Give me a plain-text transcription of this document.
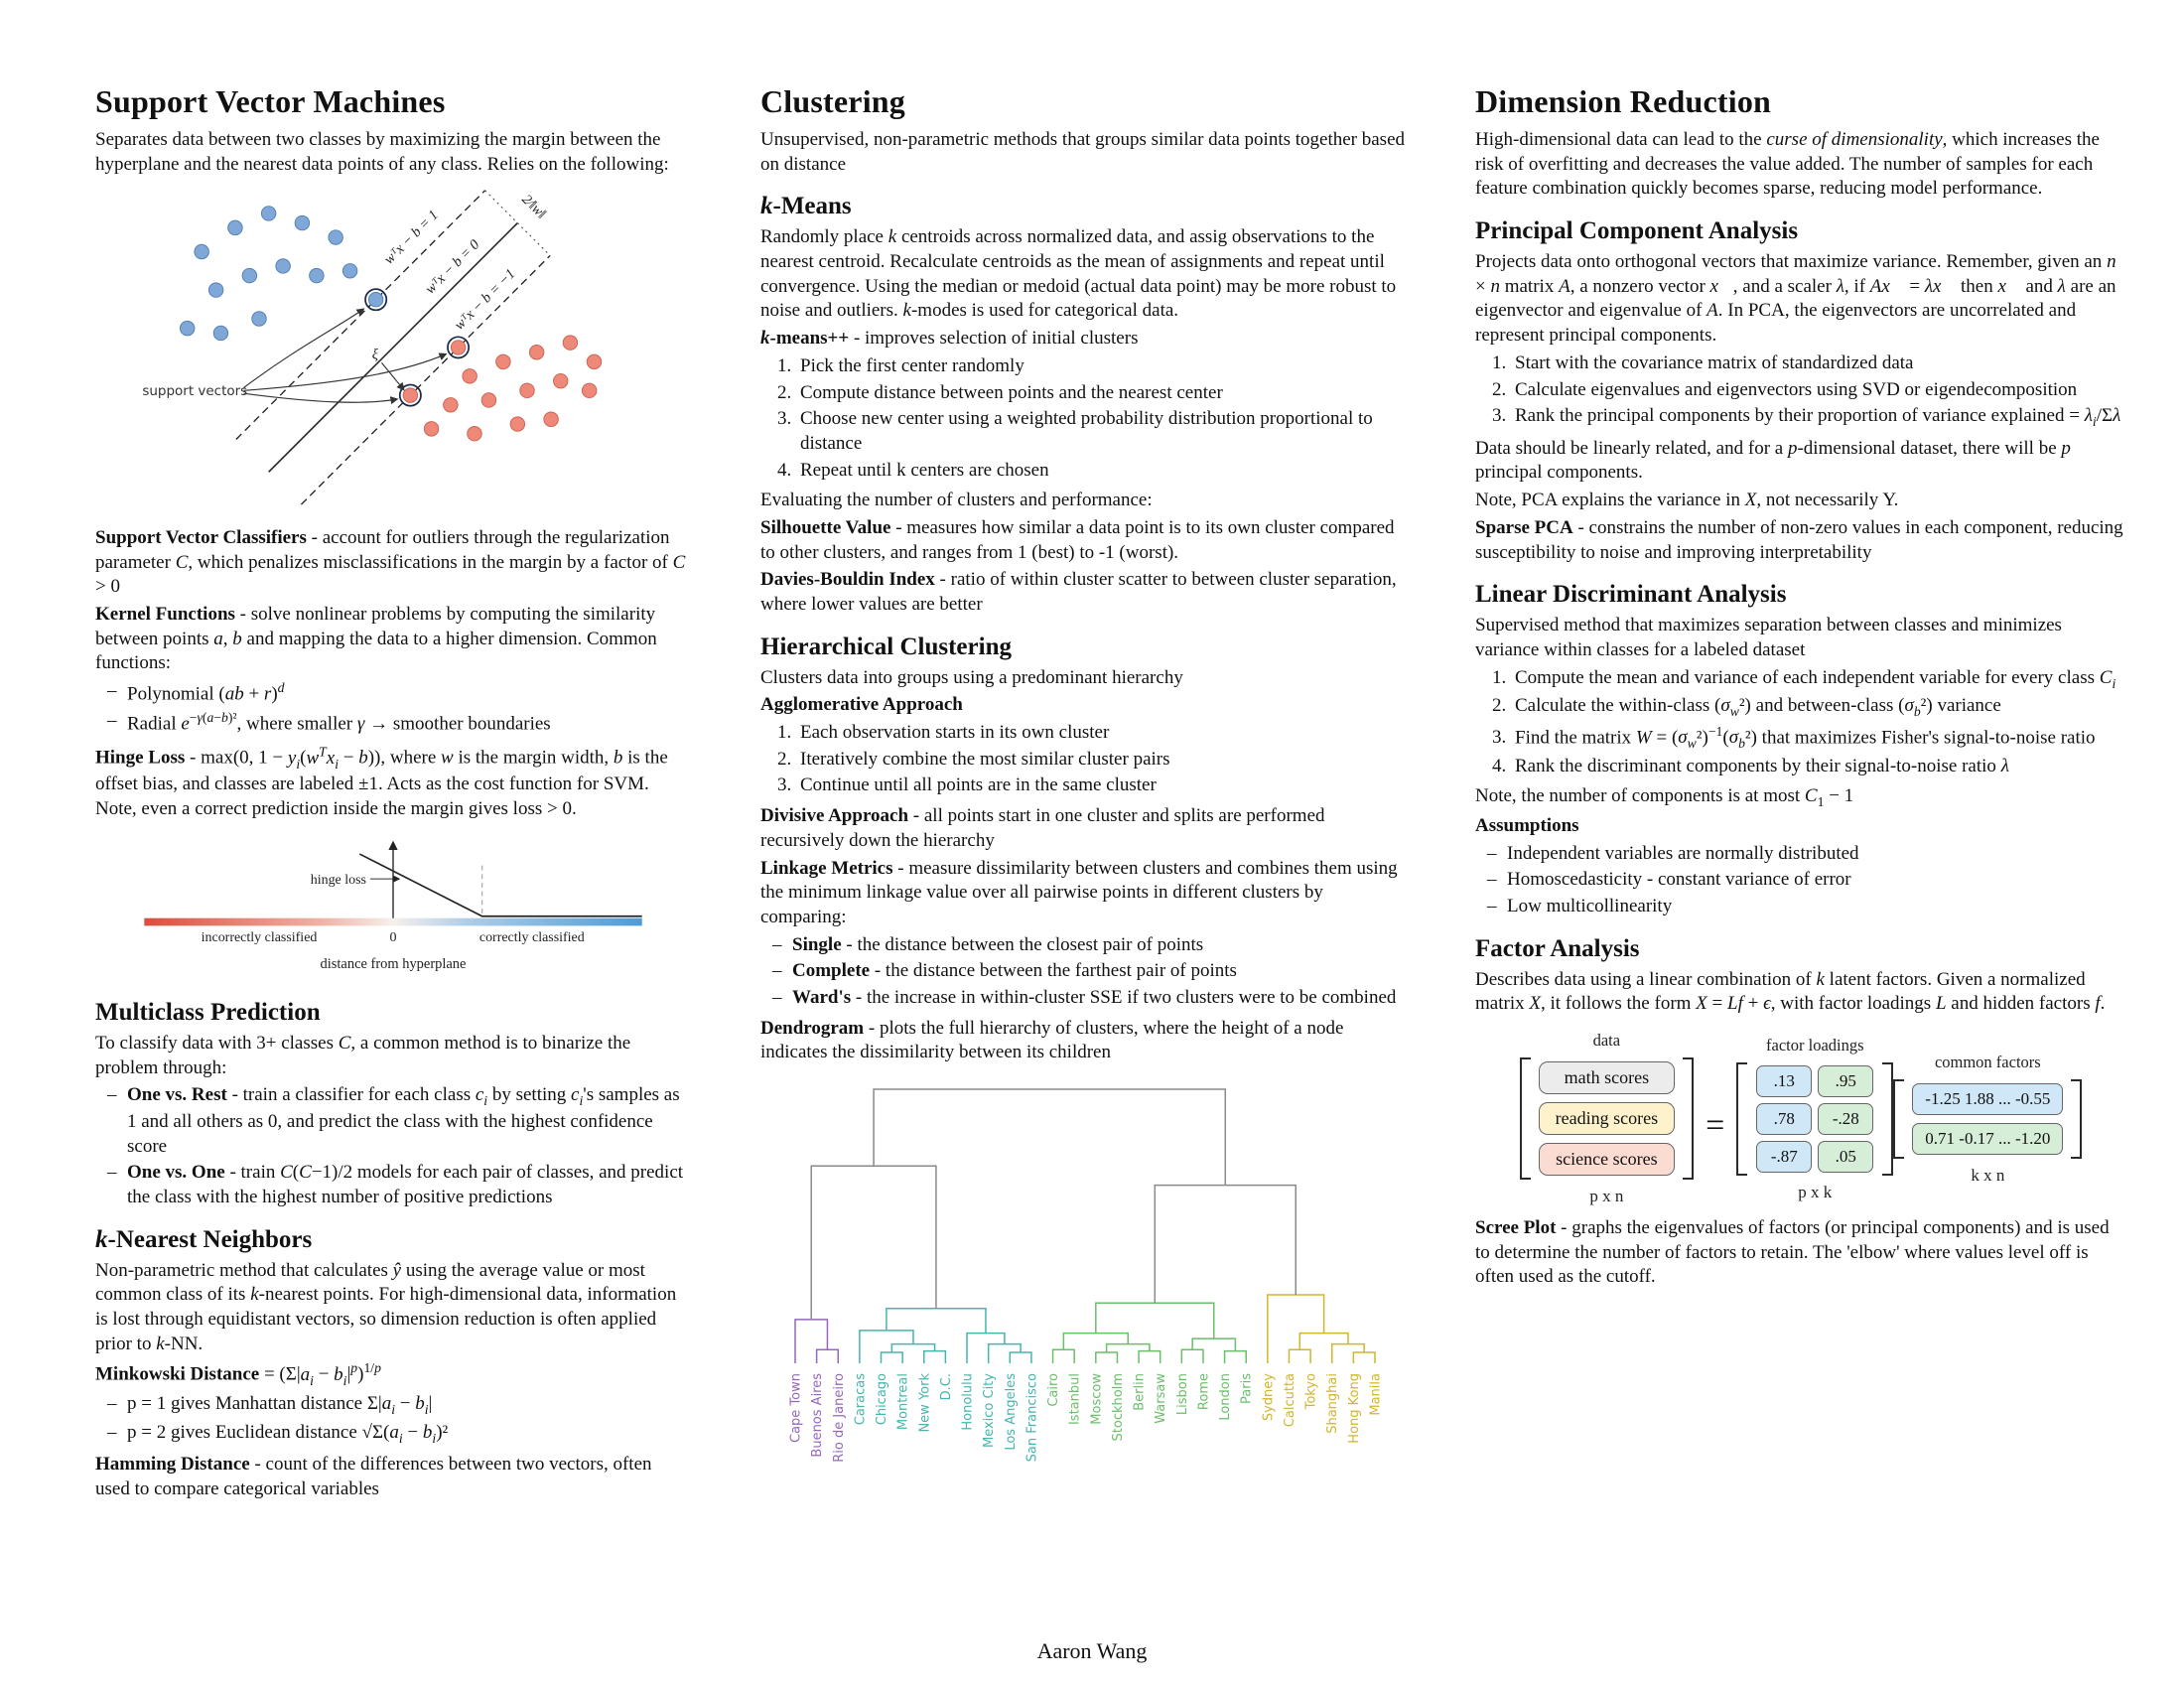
Support Vector Machines

Separates data between two classes by maximizing the margin between the hyperplane and the nearest data points of any class. Relies on the following:

wᵀx − b = 1
wᵀx − b = 0
wᵀx − b = −1
2∕‖w‖
support vectors
ξ

Support Vector Classifiers - account for outliers through the regularization parameter C, which penalizes misclassifications in the margin by a factor of C > 0

Kernel Functions - solve nonlinear problems by computing the similarity between points a, b and mapping the data to a higher dimension. Common functions:

– Polynomial (ab + r)$^d$
– Radial $e^{-\gamma(a-b)^2}$, where smaller γ → smoother boundaries

Hinge Loss - max(0, $1 - y_i(w^Tx_i - b)$), where w is the margin width, b is the offset bias, and classes are labeled ±1. Acts as the cost function for SVM. Note, even a correct prediction inside the margin gives loss > 0.

hinge loss
0
incorrectly classified	correctly classified
distance from hyperplane
Multiclass Prediction

To classify data with 3+ classes C, a common method is to binarize the problem through:

– One vs. Rest - train a classifier for each class $c_i$ by setting $c_i's$ samples as 1 and all others as 0, and predict the class with the highest confidence score
– One vs. One - train C(C−1)/2 models for each pair of classes, and predict the class with the highest number of positive predictions
k-Nearest Neighbors

Non-parametric method that calculates ŷ using the average value or most common class of its k-nearest points. For high-dimensional data, information is lost through equidistant vectors, so dimension reduction is often applied prior to k-NN.

Minkowski Distance = $(\Sigma|a_i - b_i|^p)^{1/p}$

– p = 1 gives Manhattan distance $\Sigma|a_i - b_i|$
– p = 2 gives Euclidean distance $√\Sigma(a_i - b_i)^2$

Hamming Distance - count of the differences between two vectors, often used to compare categorical variables

Clustering

Unsupervised, non-parametric methods that groups similar data points together based on distance

k-Means

Randomly place k centroids across normalized data, and assig observations to the nearest centroid. Recalculate centroids as the mean of assignments and repeat until convergence. Using the median or medoid (actual data point) may be more robust to noise and outliers. k-modes is used for categorical data.

k-means++ - improves selection of initial clusters

1. Pick the first center randomly
2. Compute distance between points and the nearest center
3. Choose new center using a weighted probability distribution proportional to distance
4. Repeat until k centers are chosen

Evaluating the number of clusters and performance:

Silhouette Value - measures how similar a data point is to its own cluster compared to other clusters, and ranges from 1 (best) to -1 (worst).

Davies-Bouldin Index - ratio of within cluster scatter to between cluster separation, where lower values are better

Hierarchical Clustering

Clusters data into groups using a predominant hierarchy

Agglomerative Approach

1. Each observation starts in its own cluster
2. Iteratively combine the most similar cluster pairs
3. Continue until all points are in the same cluster

Divisive Approach - all points start in one cluster and splits are performed recursively down the hierarchy

Linkage Metrics - measure dissimilarity between clusters and combines them using the minimum linkage value over all pairwise points in different clusters by comparing:

– Single - the distance between the closest pair of points
– Complete - the distance between the farthest pair of points
– Ward's - the increase in within-cluster SSE if two clusters were to be combined

Dendrogram - plots the full hierarchy of clusters, where the height of a node indicates the dissimilarity between its children

Cape Town Buenos Aires Rio de Janeiro Caracas Chicago Montreal New York D.C. Honolulu Mexico City Los Angeles San Francisco Cairo Istanbul Moscow Stockholm Berlin Warsaw Lisbon Rome London Paris Sydney Calcutta Tokyo Shanghai Hong Kong Manila
Dimension Reduction

High-dimensional data can lead to the curse of dimensionality, which increases the risk of overfitting and decreases the value added. The number of samples for each feature combination quickly becomes sparse, reducing model performance.

Principal Component Analysis

Projects data onto orthogonal vectors that maximize variance. Remember, given an n × n matrix A, a nonzero vector x⃗, and a scaler λ, if Ax⃗ = λx⃗ then x⃗ and λ are an eigenvector and eigenvalue of A. In PCA, the eigenvectors are uncorrelated and represent principal components.

1. Start with the covariance matrix of standardized data
2. Calculate eigenvalues and eigenvectors using SVD or eigendecomposition
3. Rank the principal components by their proportion of variance explained = $\lambda_i/\Sigma\lambda$

Data should be linearly related, and for a p-dimensional dataset, there will be p principal components.

Note, PCA explains the variance in X, not necessarily Y.

Sparse PCA - constrains the number of non-zero values in each component, reducing susceptibility to noise and improving interpretability

Linear Discriminant Analysis

Supervised method that maximizes separation between classes and minimizes variance within classes for a labeled dataset

1. Compute the mean and variance of each independent variable for every class $C_i$
2. Calculate the within-class $(\sigma_w^2)$ and between-class $(\sigma_b^2)$ variance
3. Find the matrix $W = (\sigma_w^2)^{-1}(\sigma_b^2)$ that maximizes Fisher's signal-to-noise ratio
4. Rank the discriminant components by their signal-to-noise ratio λ

Note, the number of components is at most $C_1 - 1$

Assumptions

– Independent variables are normally distributed
– Homoscedasticity - constant variance of error
– Low multicollinearity
Factor Analysis

Describes data using a linear combination of k latent factors. Given a normalized matrix X, it follows the form X = Lf + ϵ, with factor loadings L and hidden factors f.

data
math scores
reading scores
science scores
p x n
=
factor loadings
.13	.95
.78	-.28
-.87	.05
p x k
common factors
-1.25 1.88 ... -0.55
0.71 -0.17 ... -1.20
k x n

Scree Plot - graphs the eigenvalues of factors (or principal components) and is used to determine the number of factors to retain. The 'elbow' where values level off is often used as the cutoff.

Aaron Wang
